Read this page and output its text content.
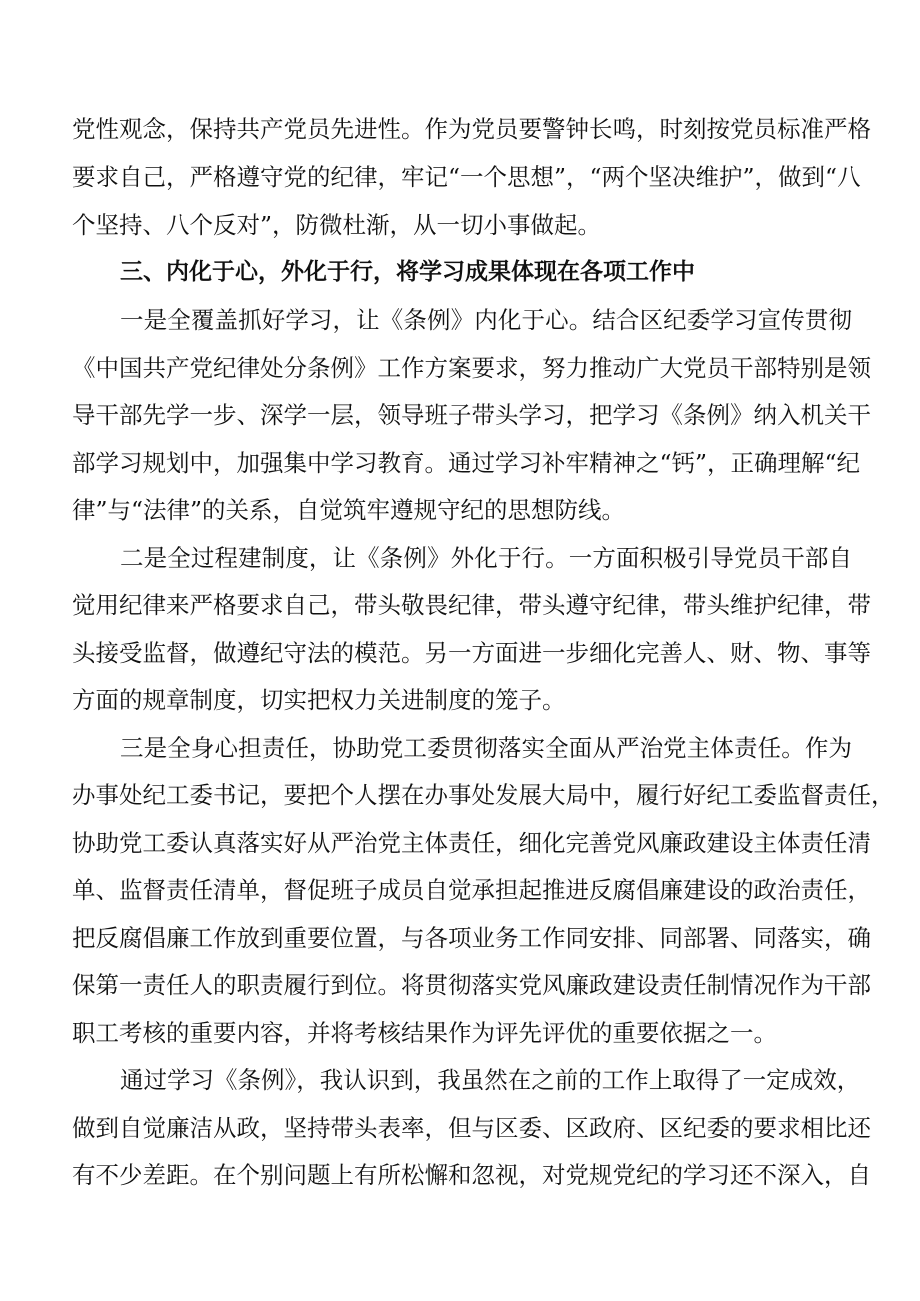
党性观念，保持共产党员先进性。作为党员要警钟长鸣，时刻按党员标准严格
要求自己，严格遵守党的纪律，牢记“一个思想”，“两个坚决维护”，做到“八
个坚持、八个反对”，防微杜渐，从一切小事做起。
三、内化于心，外化于行，将学习成果体现在各项工作中
一是全覆盖抓好学习，让《条例》内化于心。结合区纪委学习宣传贯彻
《中国共产党纪律处分条例》工作方案要求，努力推动广大党员干部特别是领
导干部先学一步、深学一层，领导班子带头学习，把学习《条例》纳入机关干
部学习规划中，加强集中学习教育。通过学习补牢精神之“钙”，正确理解“纪
律”与“法律”的关系，自觉筑牢遵规守纪的思想防线。
二是全过程建制度，让《条例》外化于行。一方面积极引导党员干部自
觉用纪律来严格要求自己，带头敬畏纪律，带头遵守纪律，带头维护纪律，带
头接受监督，做遵纪守法的模范。另一方面进一步细化完善人、财、物、事等
方面的规章制度，切实把权力关进制度的笼子。
三是全身心担责任，协助党工委贯彻落实全面从严治党主体责任。作为
办事处纪工委书记，要把个人摆在办事处发展大局中，履行好纪工委监督责任，
协助党工委认真落实好从严治党主体责任，细化完善党风廉政建设主体责任清
单、监督责任清单，督促班子成员自觉承担起推进反腐倡廉建设的政治责任，
把反腐倡廉工作放到重要位置，与各项业务工作同安排、同部署、同落实，确
保第一责任人的职责履行到位。将贯彻落实党风廉政建设责任制情况作为干部
职工考核的重要内容，并将考核结果作为评先评优的重要依据之一。
通过学习《条例》，我认识到，我虽然在之前的工作上取得了一定成效，
做到自觉廉洁从政，坚持带头表率，但与区委、区政府、区纪委的要求相比还
有不少差距。在个别问题上有所松懈和忽视，对党规党纪的学习还不深入，自
